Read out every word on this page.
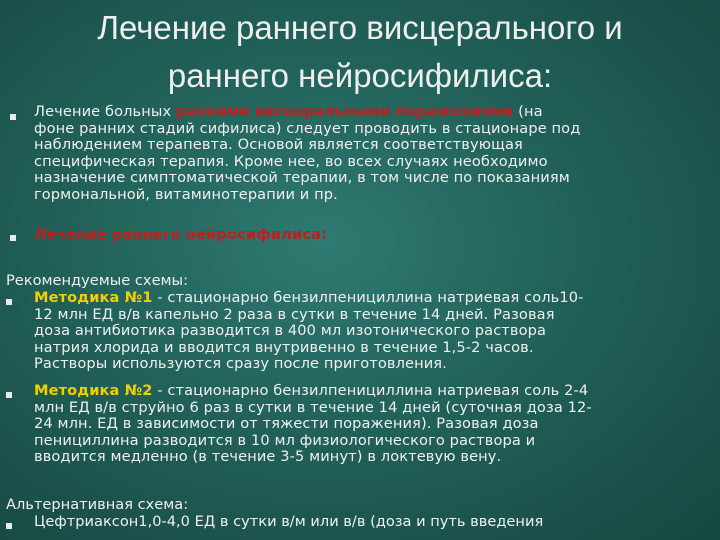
Лечение раннего висцерального и
раннего нейросифилиса:
Лечение больных ранними висцеральными поражениями (на
фоне ранних стадий сифилиса) следует проводить в стационаре под
наблюдением терапевта. Основой является соответствующая
специфическая терапия. Кроме нее, во всех случаях необходимо
назначение симптоматической терапии, в том числе по показаниям
гормональной, витаминотерапии и пр.
Лечение раннего нейросифилиса:
Рекомендуемые схемы:
Методика №1 - стационарно бензилпенициллина натриевая соль10-
12 млн ЕД в/в капельно 2 раза в сутки в течение 14 дней. Разовая
доза антибиотика разводится в 400 мл изотонического раствора
натрия хлорида и вводится внутривенно в течение 1,5-2 часов.
Растворы используются сразу после приготовления.
Методика №2 - стационарно бензилпенициллина натриевая соль 2-4
млн ЕД в/в струйно 6 раз в сутки в течение 14 дней (суточная доза 12-
24 млн. ЕД в зависимости от тяжести поражения). Разовая доза
пенициллина разводится в 10 мл физиологического раствора и
вводится медленно (в течение 3-5 минут) в локтевую вену.
Альтернативная схема:
Цефтриаксон1,0-4,0 ЕД в сутки в/м или в/в (доза и путь введения
